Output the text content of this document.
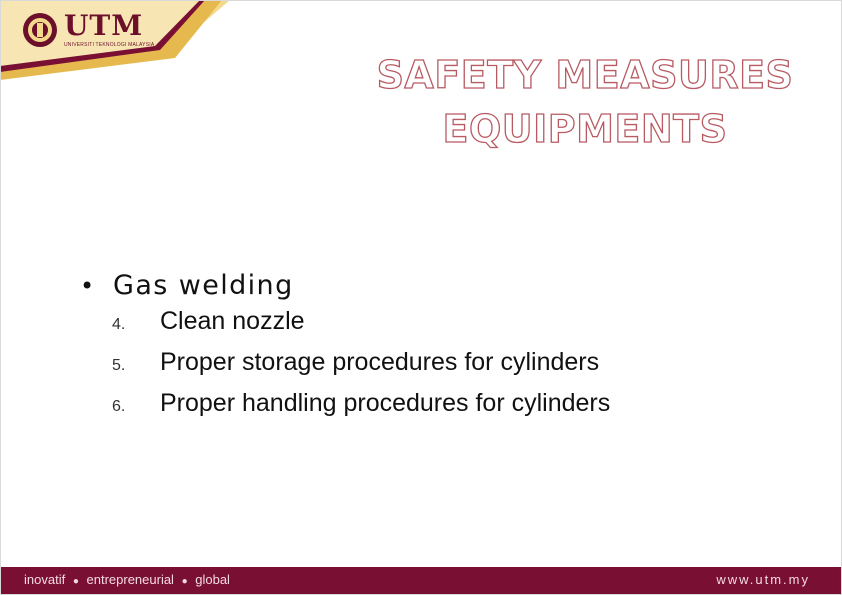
UTM
UNIVERSITI TEKNOLOGI MALAYSIA
SAFETY MEASURES
EQUIPMENTS
• Gas welding
4.	Clean nozzle
5.	Proper storage procedures for cylinders
6.	Proper handling procedures for cylinders
inovatif ● entrepreneurial ● global	www.utm.my
